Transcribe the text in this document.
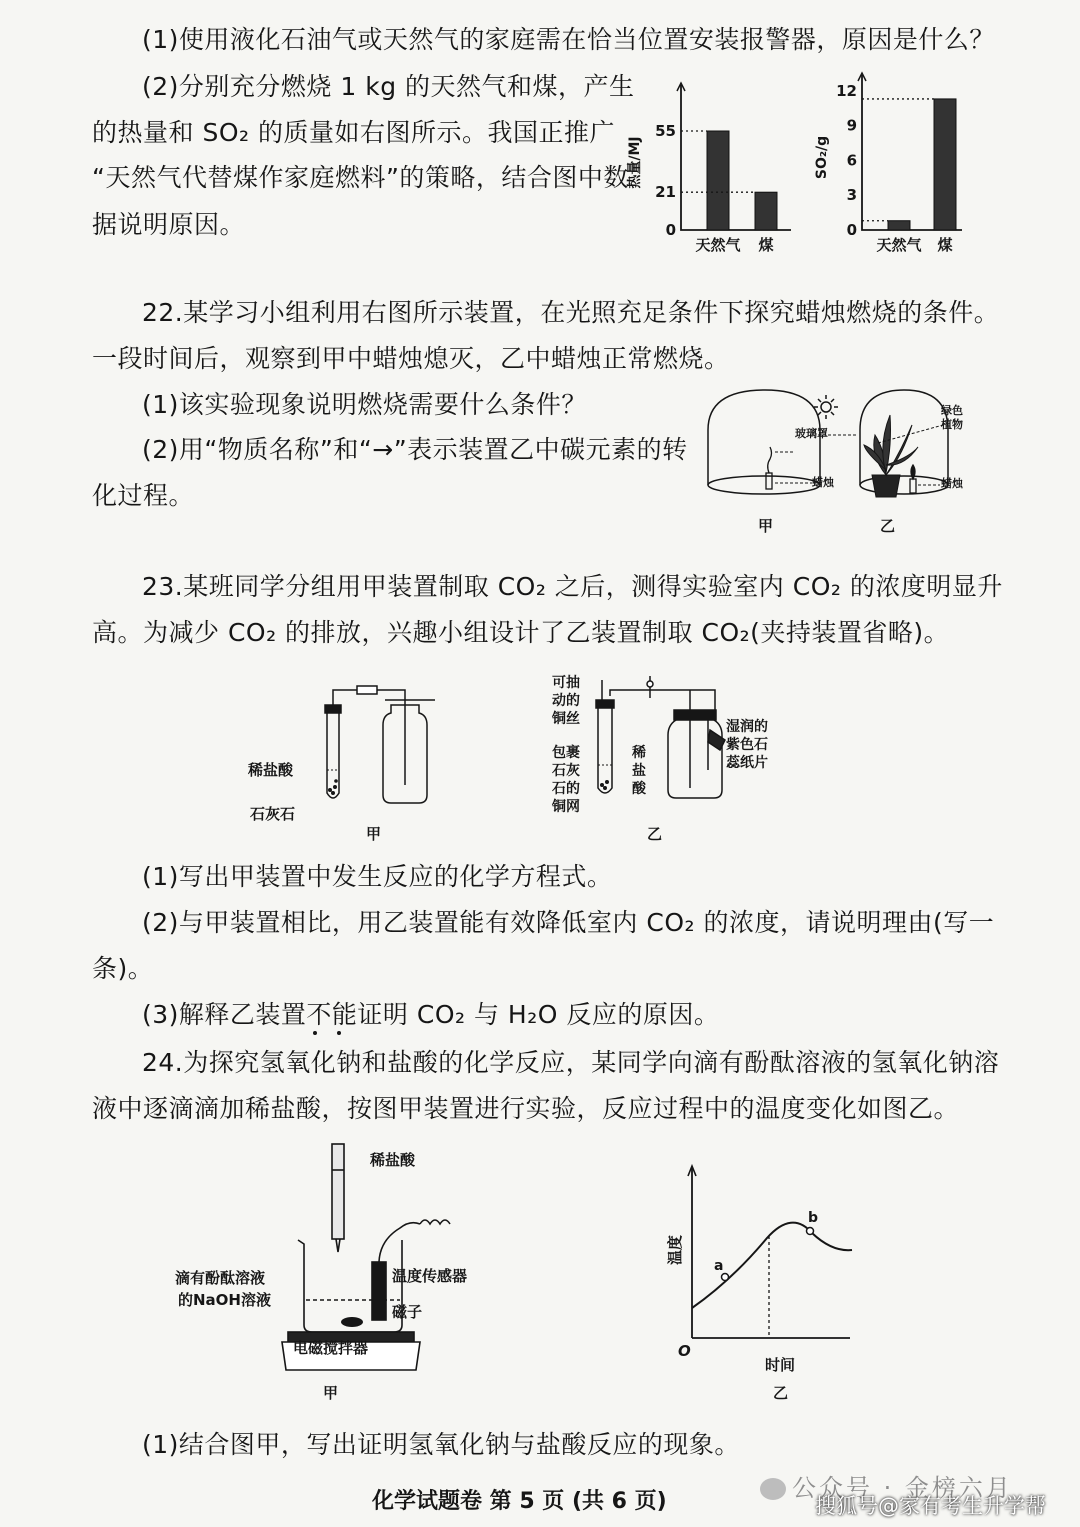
(1)使用液化石油气或天然气的家庭需在恰当位置安装报警器，原因是什么？
(2)分别充分燃烧 1 kg 的天然气和煤，产生
的热量和 SO₂ 的质量如右图所示。我国正推广
“天然气代替煤作家庭燃料”的策略，结合图中数
据说明原因。	0
21
55
热量/MJ
天然气 煤
0
3
6
9
12
SO₂/g
天然气 煤
22.某学习小组利用右图所示装置，在光照充足条件下探究蜡烛燃烧的条件。
一段时间后，观察到甲中蜡烛熄灭，乙中蜡烛正常燃烧。
(1)该实验现象说明燃烧需要什么条件？
(2)用“物质名称”和“→”表示装置乙中碳元素的转
化过程。
玻璃罩
蜡烛
绿色
植物
蜡烛
甲	乙
23.某班同学分组用甲装置制取 CO₂ 之后，测得实验室内 CO₂ 的浓度明显升
高。为减少 CO₂ 的排放，兴趣小组设计了乙装置制取 CO₂(夹持装置省略)。
稀盐酸
石灰石
甲
可抽
动的
铜丝
包裹
石灰
石的
铜网
稀
盐
酸
湿润的
紫色石
蕊纸片
乙
(1)写出甲装置中发生反应的化学方程式。
(2)与甲装置相比，用乙装置能有效降低室内 CO₂ 的浓度，请说明理由(写一
条)。
(3)解释乙装置不能证明 CO₂ 与 H₂O 反应的原因。
24.为探究氢氧化钠和盐酸的化学反应，某同学向滴有酚酞溶液的氢氧化钠溶
液中逐滴滴加稀盐酸，按图甲装置进行实验，反应过程中的温度变化如图乙。
稀盐酸
滴有酚酞溶液
的NaOH溶液
温度传感器
磁子
电磁搅拌器
甲
a
b
O
温度
时间
乙
(1)结合图甲，写出证明氢氧化钠与盐酸反应的现象。
化学试题卷 第 5 页 (共 6 页)	公众号 · 金榜六月
搜狐号@家有考生升学帮
